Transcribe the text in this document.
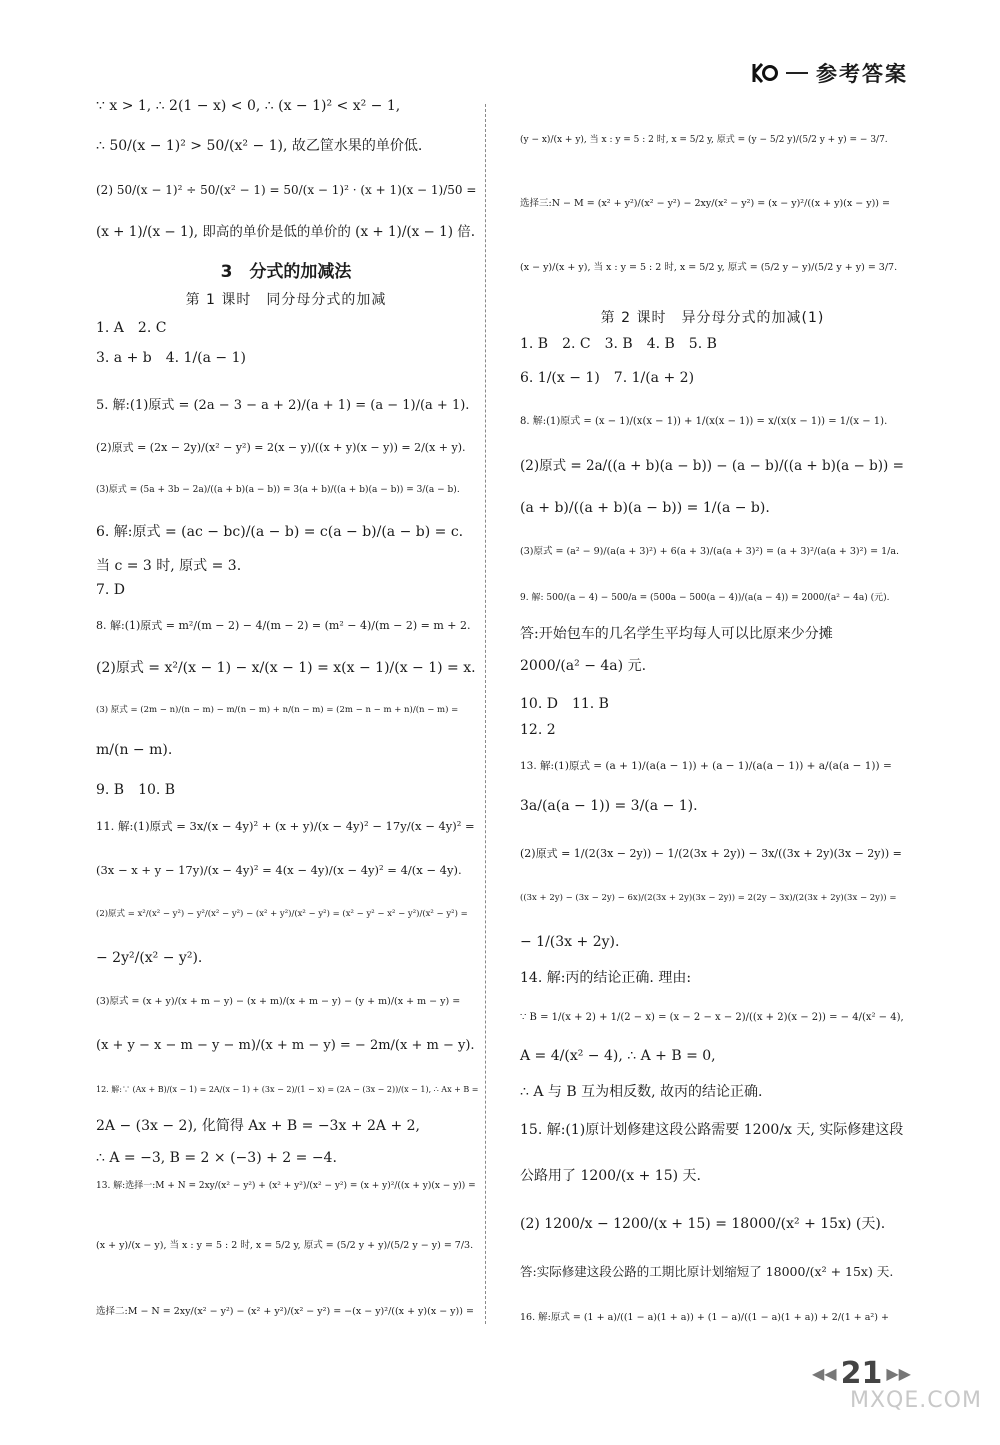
参考答案
∵ x > 1, ∴ 2(1 − x) < 0, ∴ (x − 1)² < x² − 1,
∴ 50/(x − 1)² > 50/(x² − 1), 故乙筐水果的单价低.
(2) 50/(x − 1)² ÷ 50/(x² − 1) = 50/(x − 1)² · (x + 1)(x − 1)/50 =
(x + 1)/(x − 1), 即高的单价是低的单价的 (x + 1)/(x − 1) 倍.
3　分式的加减法
第 1 课时　同分母分式的加减
1. A　2. C
3. a + b　4. 1/(a − 1)
5. 解:(1)原式 = (2a − 3 − a + 2)/(a + 1) = (a − 1)/(a + 1).
(2)原式 = (2x − 2y)/(x² − y²) = 2(x − y)/((x + y)(x − y)) = 2/(x + y).
(3)原式 = (5a + 3b − 2a)/((a + b)(a − b)) = 3(a + b)/((a + b)(a − b)) = 3/(a − b).
6. 解:原式 = (ac − bc)/(a − b) = c(a − b)/(a − b) = c.
当 c = 3 时, 原式 = 3.
7. D
8. 解:(1)原式 = m²/(m − 2) − 4/(m − 2) = (m² − 4)/(m − 2) = m + 2.
(2)原式 = x²/(x − 1) − x/(x − 1) = x(x − 1)/(x − 1) = x.
(3) 原式 = (2m − n)/(n − m) − m/(n − m) + n/(n − m) = (2m − n − m + n)/(n − m) =
m/(n − m).
9. B　10. B
11. 解:(1)原式 = 3x/(x − 4y)² + (x + y)/(x − 4y)² − 17y/(x − 4y)² =
(3x − x + y − 17y)/(x − 4y)² = 4(x − 4y)/(x − 4y)² = 4/(x − 4y).
(2)原式 = x²/(x² − y²) − y²/(x² − y²) − (x² + y²)/(x² − y²) = (x² − y² − x² − y²)/(x² − y²) =
− 2y²/(x² − y²).
(3)原式 = (x + y)/(x + m − y) − (x + m)/(x + m − y) − (y + m)/(x + m − y) =
(x + y − x − m − y − m)/(x + m − y) = − 2m/(x + m − y).
12. 解:∵ (Ax + B)/(x − 1) = 2A/(x − 1) + (3x − 2)/(1 − x) = (2A − (3x − 2))/(x − 1), ∴ Ax + B =
2A − (3x − 2), 化简得 Ax + B = −3x + 2A + 2,
∴ A = −3, B = 2 × (−3) + 2 = −4.
13. 解:选择一:M + N = 2xy/(x² − y²) + (x² + y²)/(x² − y²) = (x + y)²/((x + y)(x − y)) =
(x + y)/(x − y), 当 x : y = 5 : 2 时, x = 5/2 y, 原式 = (5/2 y + y)/(5/2 y − y) = 7/3.
选择二:M − N = 2xy/(x² − y²) − (x² + y²)/(x² − y²) = −(x − y)²/((x + y)(x − y)) =
(y − x)/(x + y), 当 x : y = 5 : 2 时, x = 5/2 y, 原式 = (y − 5/2 y)/(5/2 y + y) = − 3/7.
选择三:N − M = (x² + y²)/(x² − y²) − 2xy/(x² − y²) = (x − y)²/((x + y)(x − y)) =
(x − y)/(x + y), 当 x : y = 5 : 2 时, x = 5/2 y, 原式 = (5/2 y − y)/(5/2 y + y) = 3/7.
第 2 课时　异分母分式的加减(1)
1. B　2. C　3. B　4. B　5. B
6. 1/(x − 1)　7. 1/(a + 2)
8. 解:(1)原式 = (x − 1)/(x(x − 1)) + 1/(x(x − 1)) = x/(x(x − 1)) = 1/(x − 1).
(2)原式 = 2a/((a + b)(a − b)) − (a − b)/((a + b)(a − b)) =
(a + b)/((a + b)(a − b)) = 1/(a − b).
(3)原式 = (a² − 9)/(a(a + 3)²) + 6(a + 3)/(a(a + 3)²) = (a + 3)²/(a(a + 3)²) = 1/a.
9. 解: 500/(a − 4) − 500/a = (500a − 500(a − 4))/(a(a − 4)) = 2000/(a² − 4a) (元).
答:开始包车的几名学生平均每人可以比原来少分摊
2000/(a² − 4a) 元.
10. D　11. B
12. 2
13. 解:(1)原式 = (a + 1)/(a(a − 1)) + (a − 1)/(a(a − 1)) + a/(a(a − 1)) =
3a/(a(a − 1)) = 3/(a − 1).
(2)原式 = 1/(2(3x − 2y)) − 1/(2(3x + 2y)) − 3x/((3x + 2y)(3x − 2y)) =
((3x + 2y) − (3x − 2y) − 6x)/(2(3x + 2y)(3x − 2y)) = 2(2y − 3x)/(2(3x + 2y)(3x − 2y)) =
− 1/(3x + 2y).
14. 解:丙的结论正确. 理由:
∵ B = 1/(x + 2) + 1/(2 − x) = (x − 2 − x − 2)/((x + 2)(x − 2)) = − 4/(x² − 4),
A = 4/(x² − 4), ∴ A + B = 0,
∴ A 与 B 互为相反数, 故丙的结论正确.
15. 解:(1)原计划修建这段公路需要 1200/x 天, 实际修建这段
公路用了 1200/(x + 15) 天.
(2) 1200/x − 1200/(x + 15) = 18000/(x² + 15x) (天).
答:实际修建这段公路的工期比原计划缩短了 18000/(x² + 15x) 天.
16. 解:原式 = (1 + a)/((1 − a)(1 + a)) + (1 − a)/((1 − a)(1 + a)) + 2/(1 + a²) +
◀◀ 21 ▶▶
MXQE.COM
